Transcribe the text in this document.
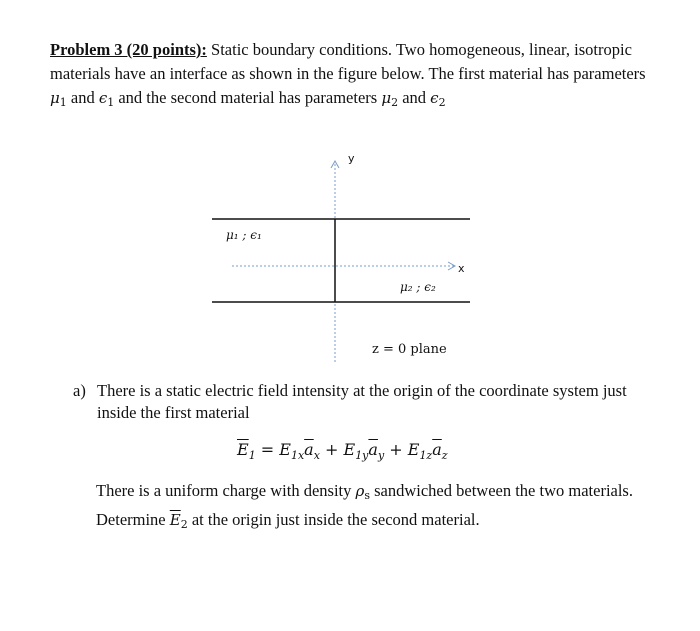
Problem 3 (20 points): Static boundary conditions. Two homogeneous, linear, isotropic materials have an interface as shown in the figure below. The first material has parameters $\mu_1$ and $\epsilon_1$ and the second material has parameters $\mu_2$ and $\epsilon_2$
y
x
μ₁ ; ϵ₁
μ₂ ; ϵ₂
z = 0 plane
a) There is a static electric field intensity at the origin of the coordinate system just inside the first material
$\overline{E}_1 = E_{1x}\overline{a}_x + E_{1y}\overline{a}_y + E_{1z}\overline{a}_z$
There is a uniform charge with density $\rho_s$ sandwiched between the two materials. Determine $\overline{E}_2$ at the origin just inside the second material.
